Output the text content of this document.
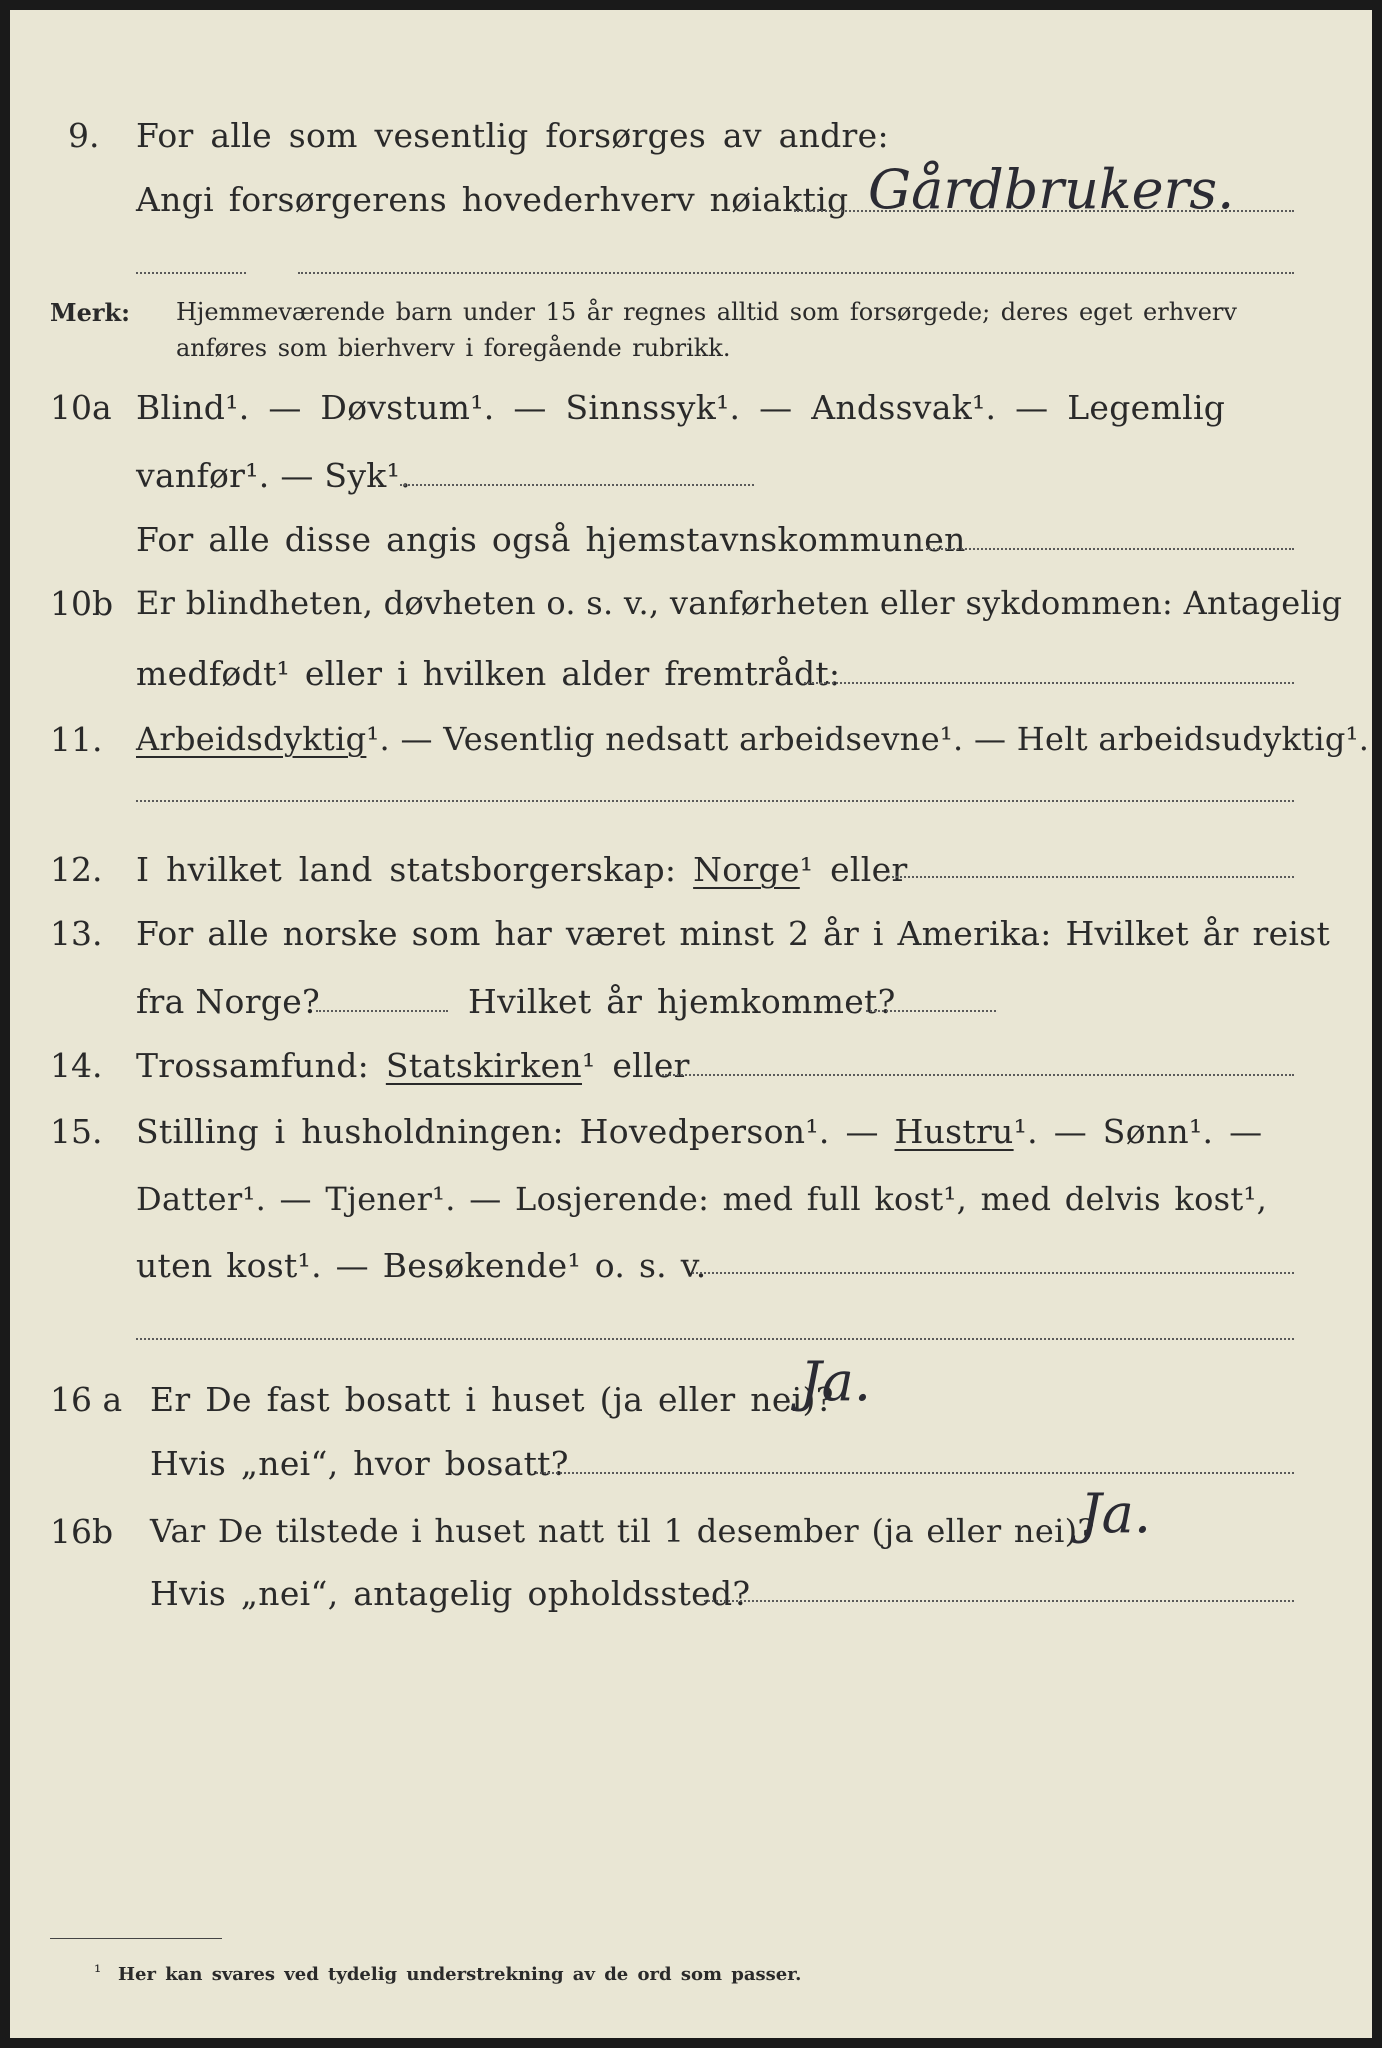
9. For alle som vesentlig forsørges av andre:
Angi forsørgerens hovederhverv nøiaktig Gårdbrukers.
Merk: Hjemmeværende barn under 15 år regnes alltid som forsørgede; deres eget erhverv
anføres som bierhverv i foregående rubrikk.
10a Blind¹. — Døvstum¹. — Sinnssyk¹. — Andssvak¹. — Legemlig
vanfør¹. — Syk¹.
For alle disse angis også hjemstavnskommunen
10b Er blindheten, døvheten o. s. v., vanførheten eller sykdommen: Antagelig
medfødt¹ eller i hvilken alder fremtrådt:
11. Arbeidsdyktig¹. — Vesentlig nedsatt arbeidsevne¹. — Helt arbeidsudyktig¹.
12. I hvilket land statsborgerskap: Norge¹ eller
13. For alle norske som har været minst 2 år i Amerika: Hvilket år reist
fra Norge?	Hvilket år hjemkommet?
14. Trossamfund: Statskirken¹ eller
15. Stilling i husholdningen: Hovedperson¹. — Hustru¹. — Sønn¹. —
Datter¹. — Tjener¹. — Losjerende: med full kost¹, med delvis kost¹,
uten kost¹. — Besøkende¹ o. s. v.
16 a Er De fast bosatt i huset (ja eller nei)?
Ja.
Hvis „nei“, hvor bosatt?
16b Var De tilstede i huset natt til 1 desember (ja eller nei)?
Ja.
Hvis „nei“, antagelig opholdssted?
¹ Her kan svares ved tydelig understrekning av de ord som passer.
